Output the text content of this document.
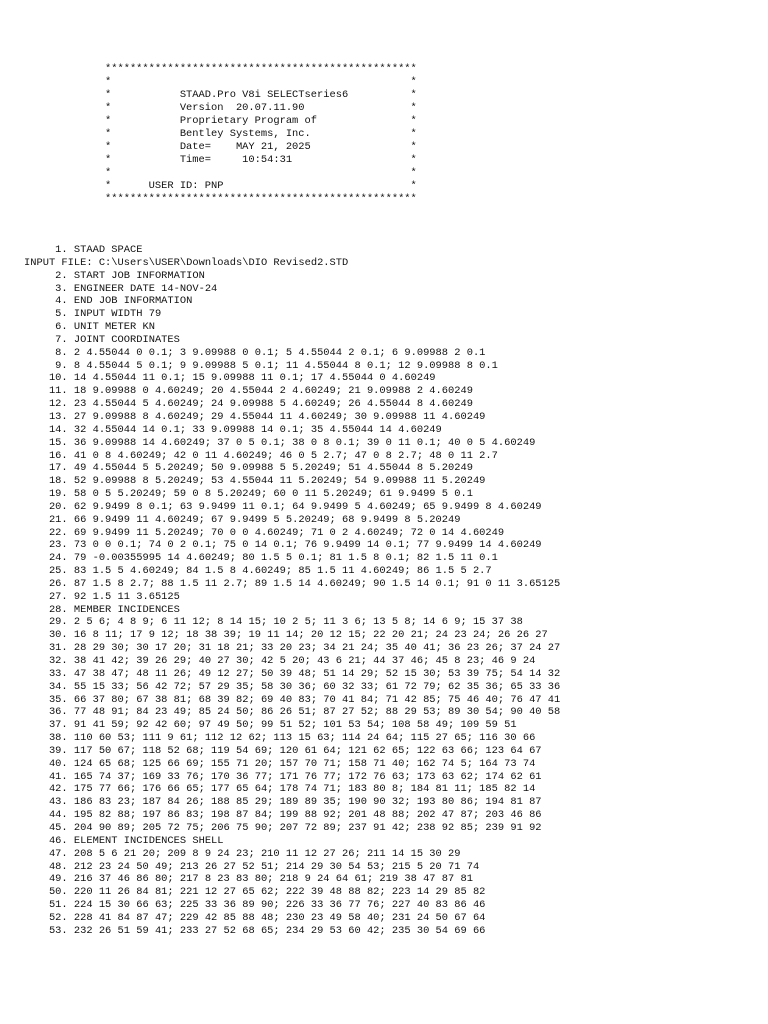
**************************************************
*                                                *
*           STAAD.Pro V8i SELECTseries6          *
*           Version  20.07.11.90                 *
*           Proprietary Program of               *
*           Bentley Systems, Inc.                *
*           Date=    MAY 21, 2025                *
*           Time=     10:54:31                   *
*                                                *
*      USER ID: PNP                              *
**************************************************
1. STAAD SPACE
INPUT FILE: C:\Users\USER\Downloads\DIO Revised2.STD
2. START JOB INFORMATION
3. ENGINEER DATE 14-NOV-24
4. END JOB INFORMATION
5. INPUT WIDTH 79
6. UNIT METER KN
7. JOINT COORDINATES
8. 2 4.55044 0 0.1; 3 9.09988 0 0.1; 5 4.55044 2 0.1; 6 9.09988 2 0.1
9. 8 4.55044 5 0.1; 9 9.09988 5 0.1; 11 4.55044 8 0.1; 12 9.09988 8 0.1
10. 14 4.55044 11 0.1; 15 9.09988 11 0.1; 17 4.55044 0 4.60249
11. 18 9.09988 0 4.60249; 20 4.55044 2 4.60249; 21 9.09988 2 4.60249
12. 23 4.55044 5 4.60249; 24 9.09988 5 4.60249; 26 4.55044 8 4.60249
13. 27 9.09988 8 4.60249; 29 4.55044 11 4.60249; 30 9.09988 11 4.60249
14. 32 4.55044 14 0.1; 33 9.09988 14 0.1; 35 4.55044 14 4.60249
15. 36 9.09988 14 4.60249; 37 0 5 0.1; 38 0 8 0.1; 39 0 11 0.1; 40 0 5 4.60249
16. 41 0 8 4.60249; 42 0 11 4.60249; 46 0 5 2.7; 47 0 8 2.7; 48 0 11 2.7
17. 49 4.55044 5 5.20249; 50 9.09988 5 5.20249; 51 4.55044 8 5.20249
18. 52 9.09988 8 5.20249; 53 4.55044 11 5.20249; 54 9.09988 11 5.20249
19. 58 0 5 5.20249; 59 0 8 5.20249; 60 0 11 5.20249; 61 9.9499 5 0.1
20. 62 9.9499 8 0.1; 63 9.9499 11 0.1; 64 9.9499 5 4.60249; 65 9.9499 8 4.60249
21. 66 9.9499 11 4.60249; 67 9.9499 5 5.20249; 68 9.9499 8 5.20249
22. 69 9.9499 11 5.20249; 70 0 0 4.60249; 71 0 2 4.60249; 72 0 14 4.60249
23. 73 0 0 0.1; 74 0 2 0.1; 75 0 14 0.1; 76 9.9499 14 0.1; 77 9.9499 14 4.60249
24. 79 -0.00355995 14 4.60249; 80 1.5 5 0.1; 81 1.5 8 0.1; 82 1.5 11 0.1
25. 83 1.5 5 4.60249; 84 1.5 8 4.60249; 85 1.5 11 4.60249; 86 1.5 5 2.7
26. 87 1.5 8 2.7; 88 1.5 11 2.7; 89 1.5 14 4.60249; 90 1.5 14 0.1; 91 0 11 3.65125
27. 92 1.5 11 3.65125
28. MEMBER INCIDENCES
29. 2 5 6; 4 8 9; 6 11 12; 8 14 15; 10 2 5; 11 3 6; 13 5 8; 14 6 9; 15 37 38
30. 16 8 11; 17 9 12; 18 38 39; 19 11 14; 20 12 15; 22 20 21; 24 23 24; 26 26 27
31. 28 29 30; 30 17 20; 31 18 21; 33 20 23; 34 21 24; 35 40 41; 36 23 26; 37 24 27
32. 38 41 42; 39 26 29; 40 27 30; 42 5 20; 43 6 21; 44 37 46; 45 8 23; 46 9 24
33. 47 38 47; 48 11 26; 49 12 27; 50 39 48; 51 14 29; 52 15 30; 53 39 75; 54 14 32
34. 55 15 33; 56 42 72; 57 29 35; 58 30 36; 60 32 33; 61 72 79; 62 35 36; 65 33 36
35. 66 37 80; 67 38 81; 68 39 82; 69 40 83; 70 41 84; 71 42 85; 75 46 40; 76 47 41
36. 77 48 91; 84 23 49; 85 24 50; 86 26 51; 87 27 52; 88 29 53; 89 30 54; 90 40 58
37. 91 41 59; 92 42 60; 97 49 50; 99 51 52; 101 53 54; 108 58 49; 109 59 51
38. 110 60 53; 111 9 61; 112 12 62; 113 15 63; 114 24 64; 115 27 65; 116 30 66
39. 117 50 67; 118 52 68; 119 54 69; 120 61 64; 121 62 65; 122 63 66; 123 64 67
40. 124 65 68; 125 66 69; 155 71 20; 157 70 71; 158 71 40; 162 74 5; 164 73 74
41. 165 74 37; 169 33 76; 170 36 77; 171 76 77; 172 76 63; 173 63 62; 174 62 61
42. 175 77 66; 176 66 65; 177 65 64; 178 74 71; 183 80 8; 184 81 11; 185 82 14
43. 186 83 23; 187 84 26; 188 85 29; 189 89 35; 190 90 32; 193 80 86; 194 81 87
44. 195 82 88; 197 86 83; 198 87 84; 199 88 92; 201 48 88; 202 47 87; 203 46 86
45. 204 90 89; 205 72 75; 206 75 90; 207 72 89; 237 91 42; 238 92 85; 239 91 92
46. ELEMENT INCIDENCES SHELL
47. 208 5 6 21 20; 209 8 9 24 23; 210 11 12 27 26; 211 14 15 30 29
48. 212 23 24 50 49; 213 26 27 52 51; 214 29 30 54 53; 215 5 20 71 74
49. 216 37 46 86 80; 217 8 23 83 80; 218 9 24 64 61; 219 38 47 87 81
50. 220 11 26 84 81; 221 12 27 65 62; 222 39 48 88 82; 223 14 29 85 82
51. 224 15 30 66 63; 225 33 36 89 90; 226 33 36 77 76; 227 40 83 86 46
52. 228 41 84 87 47; 229 42 85 88 48; 230 23 49 58 40; 231 24 50 67 64
53. 232 26 51 59 41; 233 27 52 68 65; 234 29 53 60 42; 235 30 54 69 66
